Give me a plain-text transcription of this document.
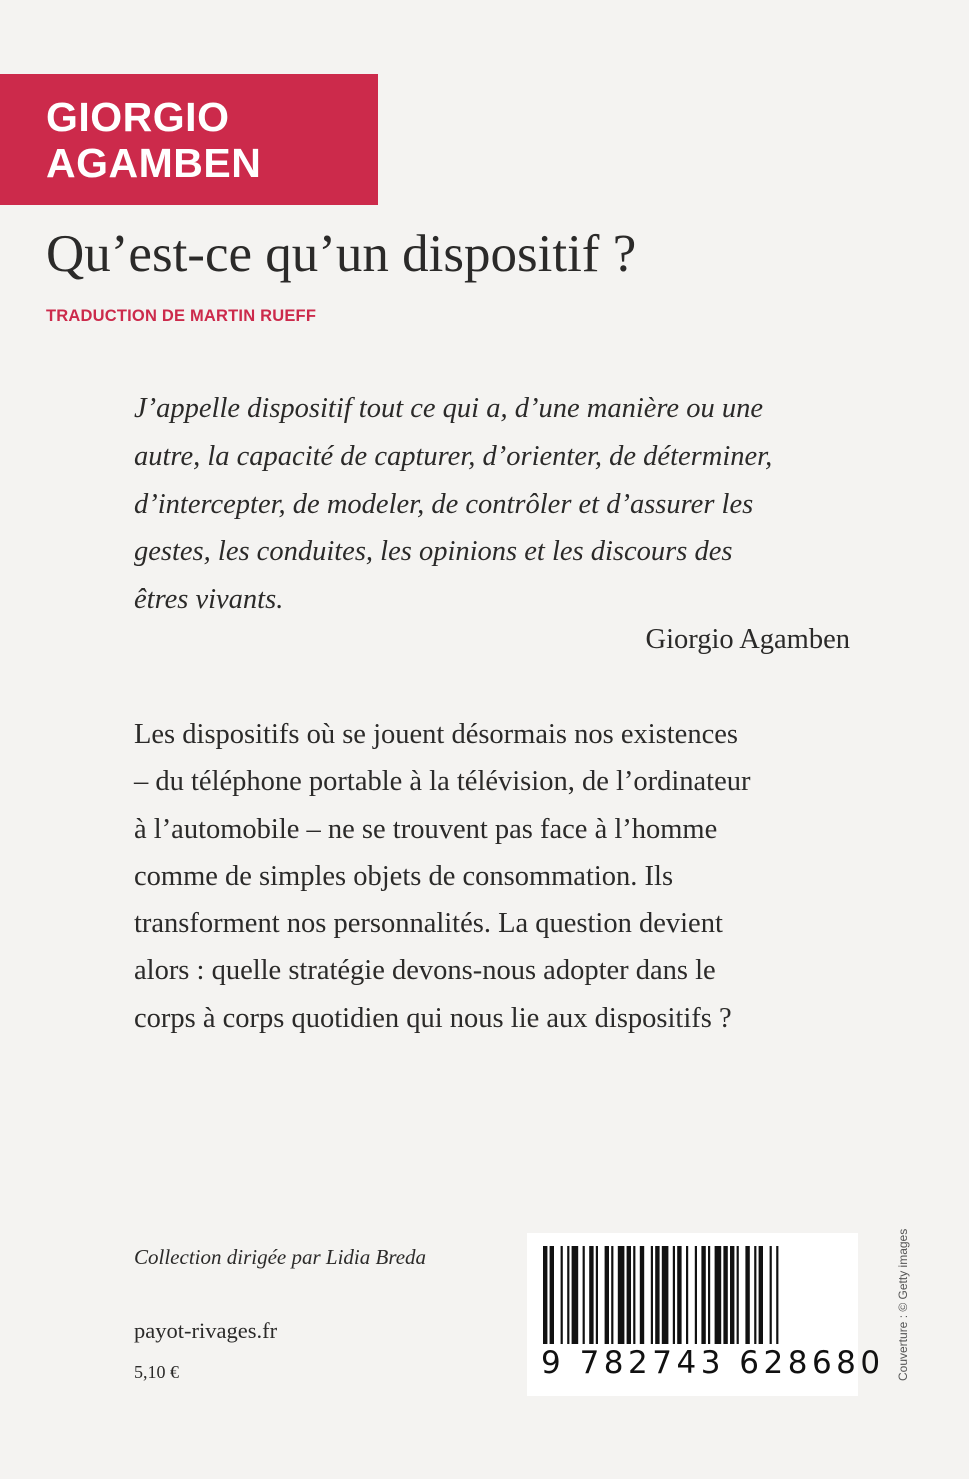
GIORGIO
AGAMBEN
Qu’est-ce qu’un dispositif ?
TRADUCTION DE MARTIN RUEFF
J’appelle dispositif tout ce qui a, d’une manière ou une
autre, la capacité de capturer, d’orienter, de déterminer,
d’intercepter, de modeler, de contrôler et d’assurer les
gestes, les conduites, les opinions et les discours des
êtres vivants.
Giorgio Agamben
Les dispositifs où se jouent désormais nos existences
– du téléphone portable à la télévision, de l’ordinateur
à l’automobile – ne se trouvent pas face à l’homme
comme de simples objets de consommation. Ils
transforment nos personnalités. La question devient
alors : quelle stratégie devons-nous adopter dans le
corps à corps quotidien qui nous lie aux dispositifs ?
Collection dirigée par Lidia Breda
payot-rivages.fr
5,10 €	9 782743 628680 Couverture : © Getty images
